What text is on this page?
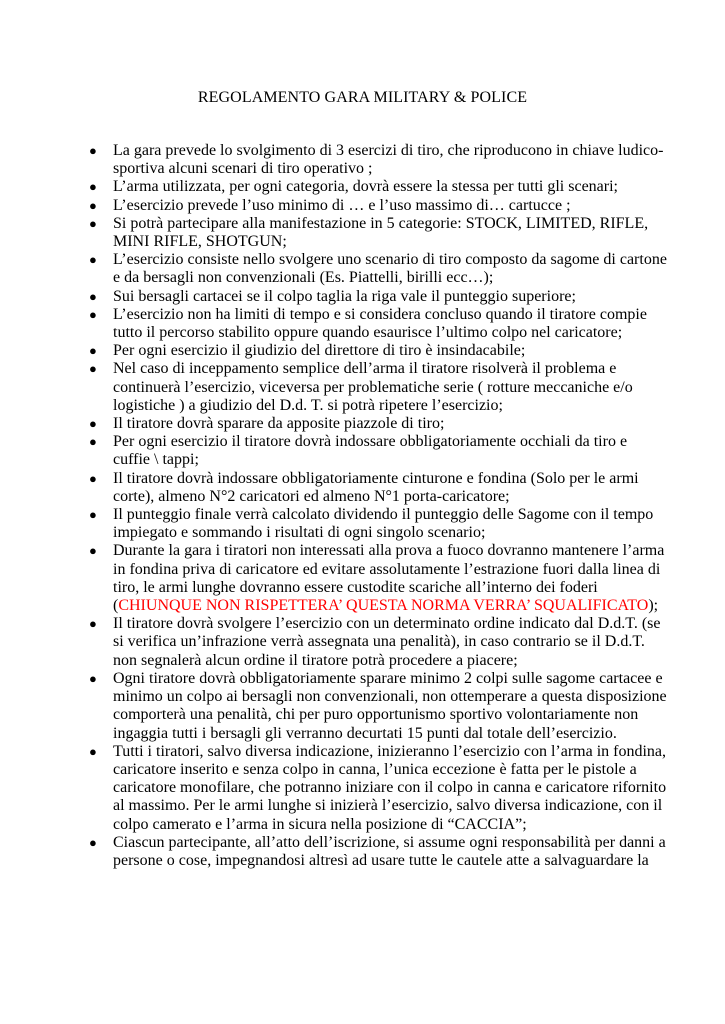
REGOLAMENTO GARA MILITARY & POLICE
● La gara prevede lo svolgimento di 3 esercizi di tiro, che riproducono in chiave ludico-sportiva alcuni scenari di tiro operativo ;
● L’arma utilizzata, per ogni categoria, dovrà essere la stessa per tutti gli scenari;
● L’esercizio prevede l’uso minimo di … e l’uso massimo di… cartucce ;
● Si potrà partecipare alla manifestazione in 5 categorie: STOCK, LIMITED, RIFLE, MINI RIFLE, SHOTGUN;
● L’esercizio consiste nello svolgere uno scenario di tiro composto da sagome di cartone e da bersagli non convenzionali (Es. Piattelli, birilli ecc…);
● Sui bersagli cartacei se il colpo taglia la riga vale il punteggio superiore;
● L’esercizio non ha limiti di tempo e si considera concluso quando il tiratore compie tutto il percorso stabilito oppure quando esaurisce l’ultimo colpo nel caricatore;
● Per ogni esercizio il giudizio del direttore di tiro è insindacabile;
● Nel caso di inceppamento semplice dell’arma il tiratore risolverà il problema e continuerà l’esercizio, viceversa per problematiche serie ( rotture meccaniche e/o logistiche ) a giudizio del D.d. T. si potrà ripetere l’esercizio;
● Il tiratore dovrà sparare da apposite piazzole di tiro;
● Per ogni esercizio il tiratore dovrà indossare obbligatoriamente occhiali da tiro e cuffie \ tappi;
● Il tiratore dovrà indossare obbligatoriamente cinturone e fondina (Solo per le armi corte), almeno N°2 caricatori ed almeno N°1 porta-caricatore;
● Il punteggio finale verrà calcolato dividendo il punteggio delle Sagome con il tempo impiegato e sommando i risultati di ogni singolo scenario;
● Durante la gara i tiratori non interessati alla prova a fuoco dovranno mantenere l’arma in fondina priva di caricatore ed evitare assolutamente l’estrazione fuori dalla linea di tiro, le armi lunghe dovranno essere custodite scariche all’interno dei foderi (CHIUNQUE NON RISPETTERA’ QUESTA NORMA VERRA’ SQUALIFICATO);
● Il tiratore dovrà svolgere l’esercizio con un determinato ordine indicato dal D.d.T. (se si verifica un’infrazione verrà assegnata una penalità), in caso contrario se il D.d.T. non segnalerà alcun ordine il tiratore potrà procedere a piacere;
● Ogni tiratore dovrà obbligatoriamente sparare minimo 2 colpi sulle sagome cartacee e minimo un colpo ai bersagli non convenzionali, non ottemperare a questa disposizione comporterà una penalità, chi per puro opportunismo sportivo volontariamente non ingaggia tutti i bersagli gli verranno decurtati 15 punti dal totale dell’esercizio.
● Tutti i tiratori, salvo diversa indicazione, inizieranno l’esercizio con l’arma in fondina, caricatore inserito e senza colpo in canna, l’unica eccezione è fatta per le pistole a caricatore monofilare, che potranno iniziare con il colpo in canna e caricatore rifornito al massimo. Per le armi lunghe si inizierà l’esercizio, salvo diversa indicazione, con il colpo camerato e l’arma in sicura nella posizione di “CACCIA”;
● Ciascun partecipante, all’atto dell’iscrizione, si assume ogni responsabilità per danni a persone o cose, impegnandosi altresì ad usare tutte le cautele atte a salvaguardare la
